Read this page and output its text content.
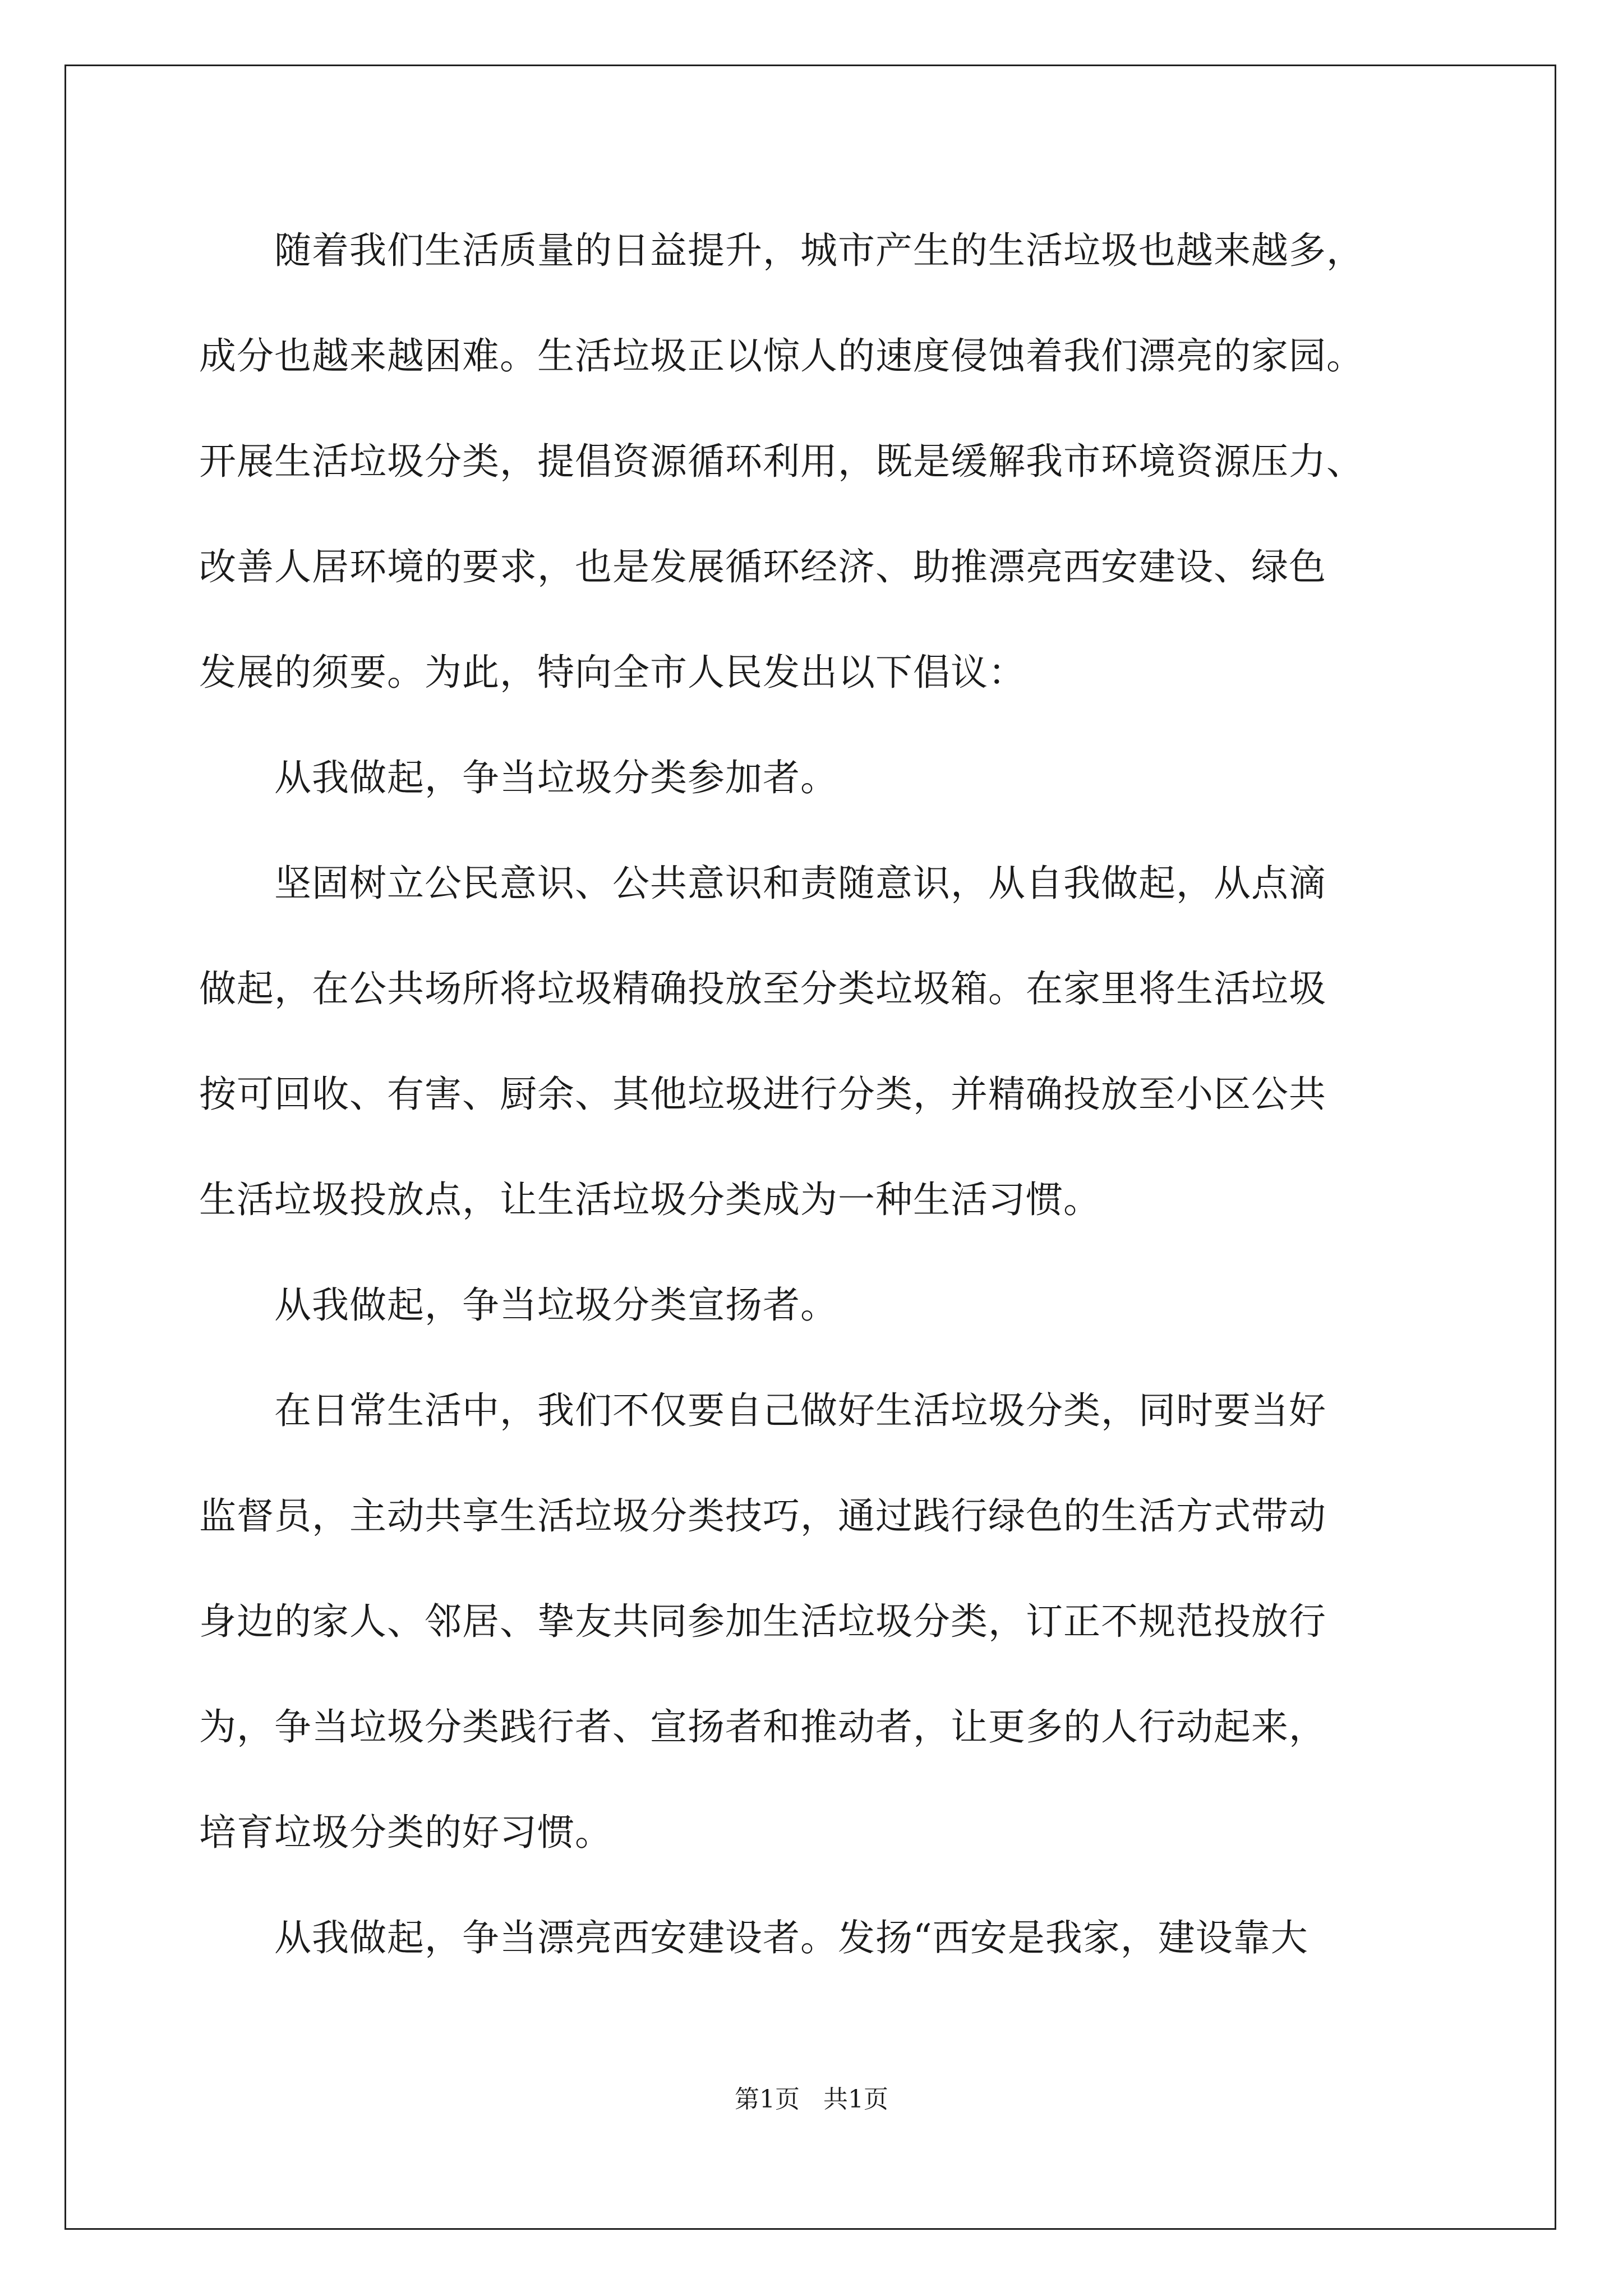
　　随着我们生活质量的日益提升，城市产生的生活垃圾也越来越多，
成分也越来越困难。生活垃圾正以惊人的速度侵蚀着我们漂亮的家园。
开展生活垃圾分类，提倡资源循环利用，既是缓解我市环境资源压力、
改善人居环境的要求，也是发展循环经济、助推漂亮西安建设、绿色
发展的须要。为此，特向全市人民发出以下倡议：
　　从我做起，争当垃圾分类参加者。
　　坚固树立公民意识、公共意识和责随意识，从自我做起，从点滴
做起，在公共场所将垃圾精确投放至分类垃圾箱。在家里将生活垃圾
按可回收、有害、厨余、其他垃圾进行分类，并精确投放至小区公共
生活垃圾投放点，让生活垃圾分类成为一种生活习惯。
　　从我做起，争当垃圾分类宣扬者。
　　在日常生活中，我们不仅要自己做好生活垃圾分类，同时要当好
监督员，主动共享生活垃圾分类技巧，通过践行绿色的生活方式带动
身边的家人、邻居、挚友共同参加生活垃圾分类，订正不规范投放行
为，争当垃圾分类践行者、宣扬者和推动者，让更多的人行动起来，
培育垃圾分类的好习惯。
　　从我做起，争当漂亮西安建设者。发扬“西安是我家，建设靠大
第1页   共1页
